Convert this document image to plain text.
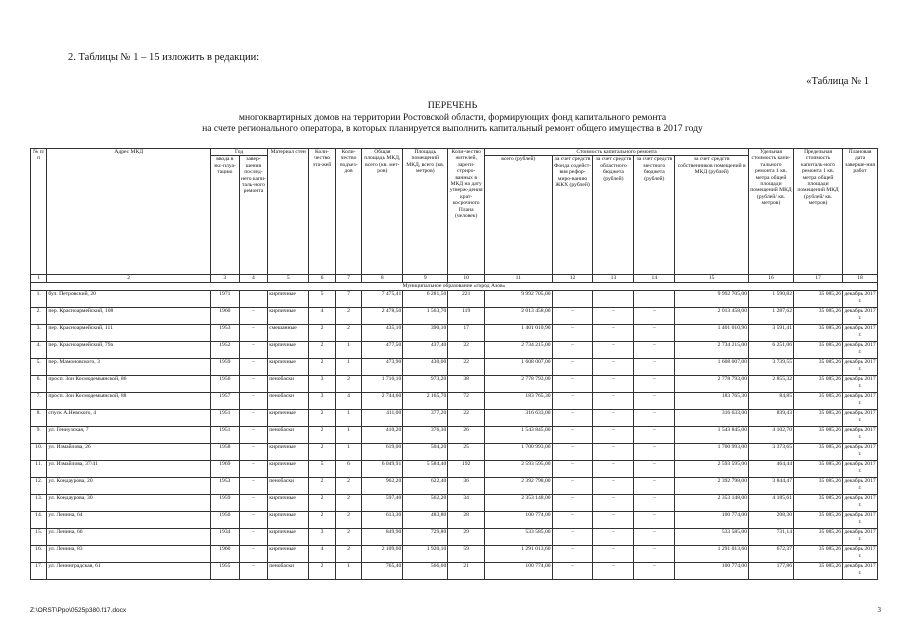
2. Таблицы № 1 – 15 изложить в редакции:
«Таблица № 1
ПЕРЕЧЕНЬ
многоквартирных домов на территории Ростовской области, формирующих фонд капитального ремонта
на счете регионального оператора, в которых планируется выполнить капитальный ремонт общего имущества в 2017 году
№ п/п	Адрес МКД	Год		Материал стен	Коли-чество эта-жей	Коли-чество подъез-дов	Общая площадь МКД, всего (кв. мет-ров)	Площадь помещений МКД, всего (кв. метров)	Коли-чество жителей, зареги-стриро-ванных в МКД на дату утверж-дения крат-косрочного Плана (человек)	Стоимость капитального ремонта					Удельная стоимость капи-тального ремонта 1 кв. метра общей площади помещений МКД (рублей/ кв. метров)	Предельная стоимость капиталь-ного ремонта 1 кв. метра общей площади помещений МКД (рублей/ кв. метров)	Плановая дата заверше-ния работ
		ввода в экс-плуа-тацию	завер-шения послед-него капи-таль-ного ремонта							всего (рублей)	за счет средств Фонда содейст-вия рефор-миро-ванию ЖКХ (рублей)	за счет средств областного бюджета (рублей)	за счет средств местного бюджета (рублей)	за счет средств собственников помещений в МКД (рублей)			
1	2	3	4	5	6	7	8	9	10	11	12	13	14	15	16	17	18
Муниципальное образование «город Азов»																	
1.	бул. Петровский, 20	1971		кирпичные	5	7	7 475,41	6 281,50	221	9 992 705,00				9 992 705,00	1 590,82	35 085,26	декабрь 2017 г.
2.	пер. Красноармейский, 108	1960	–	кирпичные	4	2	2 478,50	1 563,70	119	2 013 458,00	–	–	–	2 013 458,00	1 287,62	35 085,26	декабрь 2017 г.
3.	пер. Красноармейский, 111	1953	–	смешанные	2	2	435,10	390,10	17	1 401 010,90	–	–	–	1 401 010,90	3 591,41	35 085,26	декабрь 2017 г.
4.	пер. Красноармейский, 79а	1952	–	кирпичные	2	1	477,50	437,40	22	2 734 215,00	–	–	–	2 734 215,00	6 251,06	35 085,26	декабрь 2017 г.
5.	пер. Мамоновского, 3	1959	–	кирпичные	2	1	473,90	430,00	22	1 608 007,00	–	–	–	1 608 007,00	3 739,55	35 085,26	декабрь 2017 г.
6.	просп. Зои Космодемьянской, 86	1956	–	пенобаски	3	2	1 716,10	973,20	38	2 778 793,00	–	–	–	2 778 793,00	2 855,32	35 085,26	декабрь 2017 г.
7.	просп. Зои Космодемьянской, 88	1957	–	пенобаски	3	4	2 744,60	2 165,70	72	183 765,30	–	–	–	183 765,30	84,85	35 085,26	декабрь 2017 г.
8.	спуск А.Невского, 4	1951	–	кирпичные	2	1	411,00	377,20	22	316 633,00	–	–	–	316 633,00	839,43	35 085,26	декабрь 2017 г.
9.	ул. Гениузская, 7	1951	–	пенобаски	2	1	410,20	376,30	26	1 543 845,00	–	–	–	1 543 845,00	4 102,70	35 085,26	декабрь 2017 г.
10.	ул. Измайлова, 26	1958	–	кирпичные	2	1	619,00	504,20	25	1 700 993,00	–	–	–	1 700 993,00	3 373,65	35 085,26	декабрь 2017 г.
11.	ул. Измайлова, 37/41	1969	–	кирпичные	5	6	6 049,91	5 584,40	192	2 593 595,00	–	–	–	2 593 595,00	464,44	35 085,26	декабрь 2017 г.
12.	ул. Кондаурова, 20	1953	–	пенобаски	2	2	962,20	622,40	36	2 392 798,00	–	–	–	2 392 798,00	3 844,47	35 085,26	декабрь 2017 г.
13.	ул. Кондаурова, 30	1959	–	кирпичные	2	2	597,40	562,20	34	2 353 148,00	–	–	–	2 353 148,00	4 185,61	35 085,26	декабрь 2017 г.
14.	ул. Ленина, 64	1950	–	кирпичные	2	2	613,30	483,80	28	100 774,00	–	–	–	100 774,00	208,30	35 085,26	декабрь 2017 г.
15.	ул. Ленина, 66	1934	–	кирпичные	3	2	849,90	729,80	29	533 585,00	–	–	–	533 585,00	731,14	35 085,26	декабрь 2017 г.
16.	ул. Ленина, 83	1960	–	кирпичные	4	2	2 109,60	1 920,10	59	1 291 013,60	–	–	–	1 291 013,60	672,37	35 085,26	декабрь 2017 г.
17.	ул. Ленинградская, 61	1955	–	пенобаски	2	1	765,40	566,60	21	100 774,00	–	–	–	100 774,00	177,86	35 085,26	декабрь 2017 г.
Z:\ORST\Ppo\0525p380.f17.docx	3
